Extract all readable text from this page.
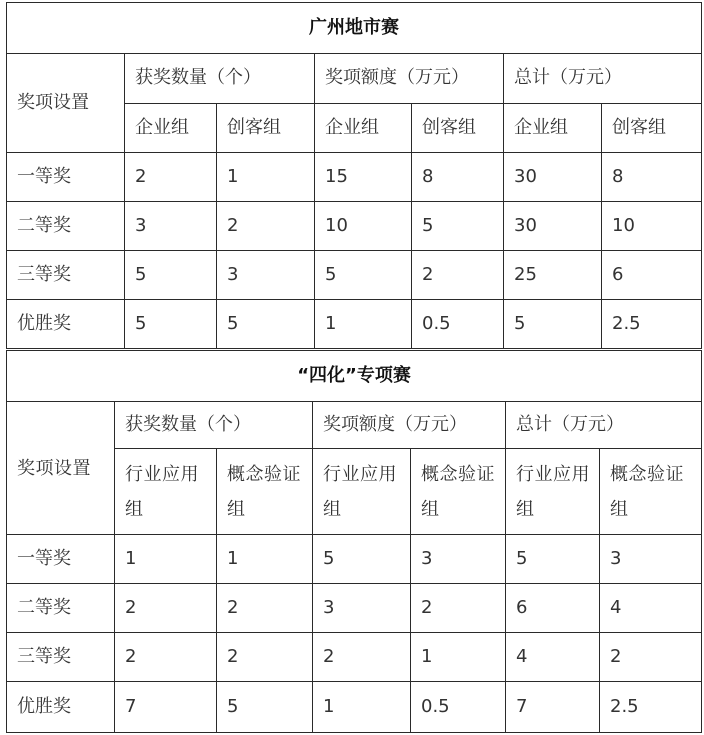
广州地市赛						
奖项设置	获奖数量（个）		奖项额度（万元）		总计（万元）	
	企业组	创客组	企业组	创客组	企业组	创客组
一等奖	2	1	15	8	30	8
二等奖	3	2	10	5	30	10
三等奖	5	3	5	2	25	6
优胜奖	5	5	1	0.5	5	2.5
“四化”专项赛						
奖项设置	获奖数量（个）		奖项额度（万元）		总计（万元）	
	行业应用组	概念验证组	行业应用组	概念验证组	行业应用组	概念验证组
一等奖	1	1	5	3	5	3
二等奖	2	2	3	2	6	4
三等奖	2	2	2	1	4	2
优胜奖	7	5	1	0.5	7	2.5
